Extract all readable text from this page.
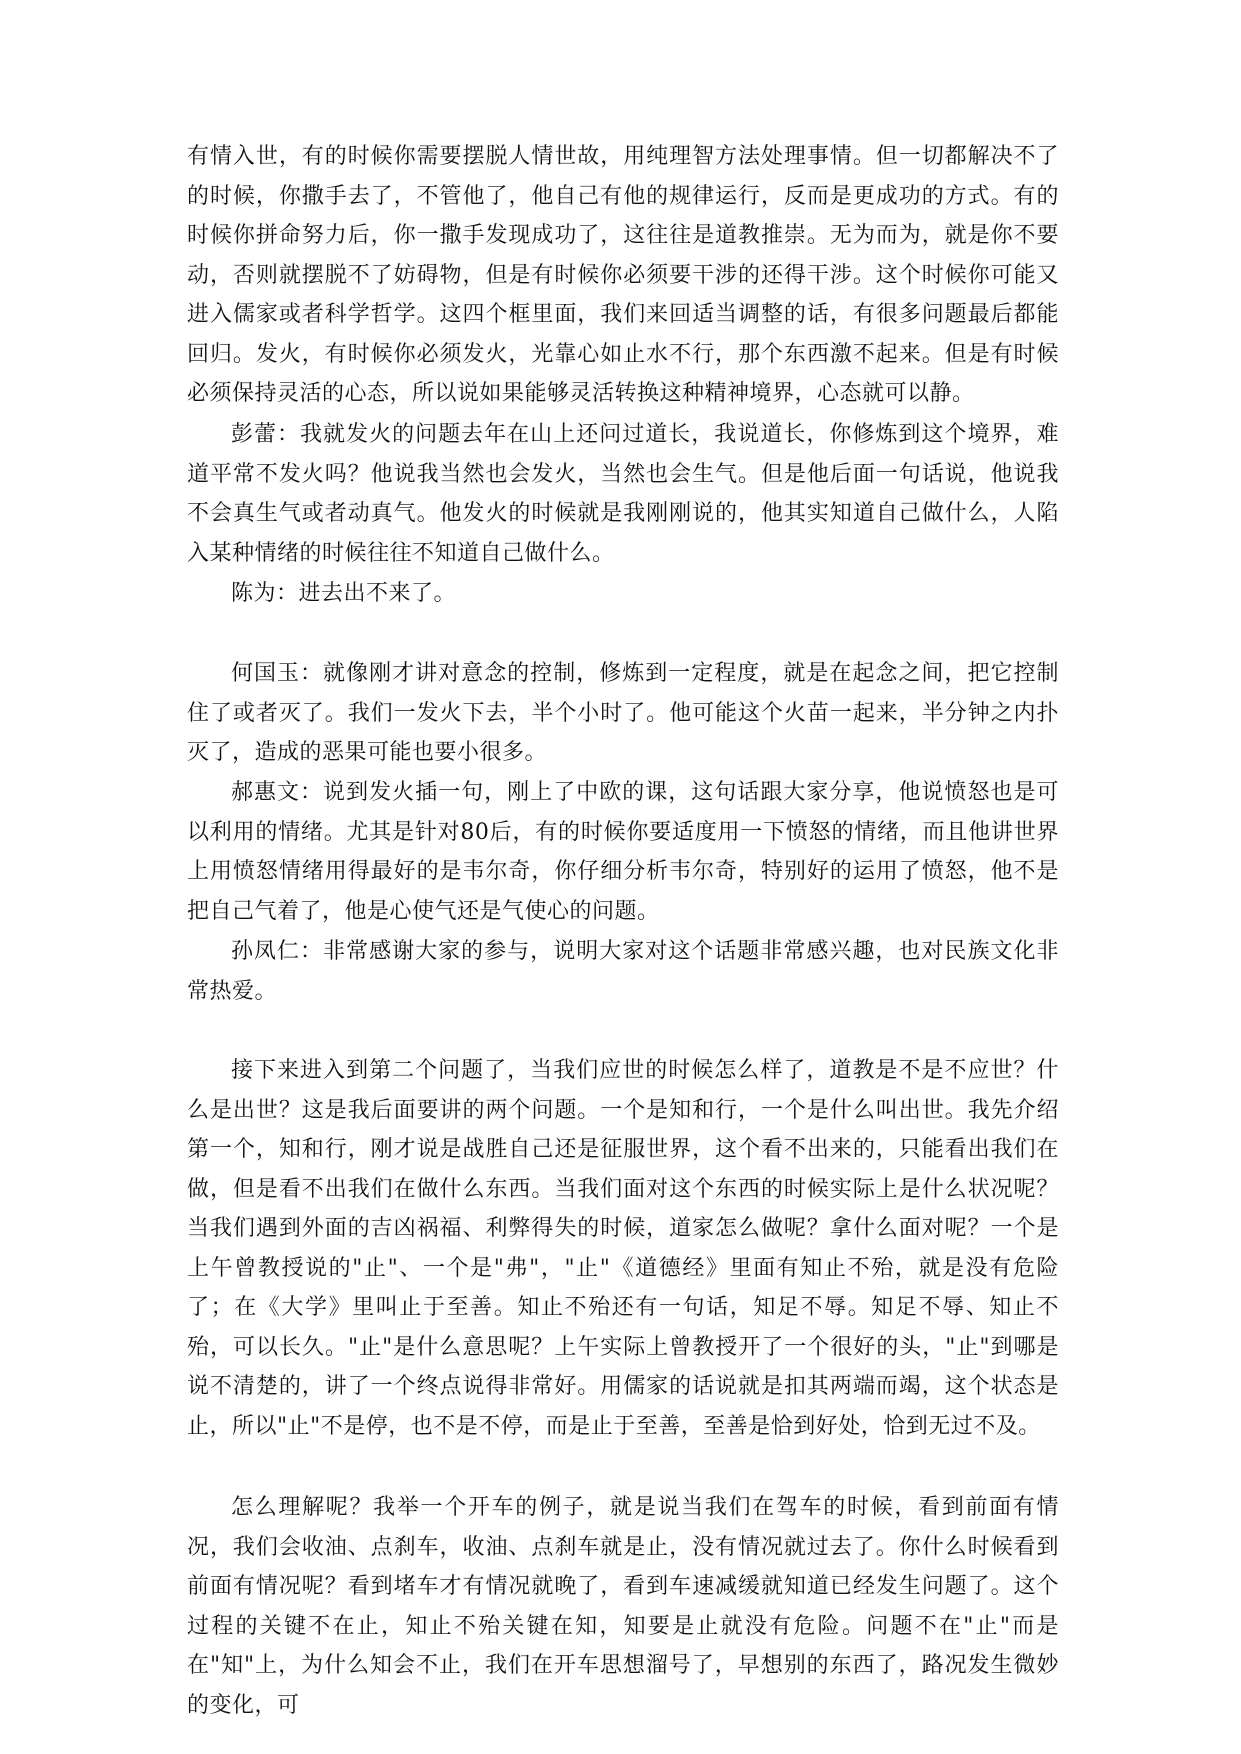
有情入世，有的时候你需要摆脱人情世故，用纯理智方法处理事情。但一切都解决不了的时候，你撒手去了，不管他了，他自己有他的规律运行，反而是更成功的方式。有的时候你拼命努力后，你一撒手发现成功了，这往往是道教推崇。无为而为，就是你不要动，否则就摆脱不了妨碍物，但是有时候你必须要干涉的还得干涉。这个时候你可能又进入儒家或者科学哲学。这四个框里面，我们来回适当调整的话，有很多问题最后都能回归。发火，有时候你必须发火，光靠心如止水不行，那个东西激不起来。但是有时候必须保持灵活的心态，所以说如果能够灵活转换这种精神境界，心态就可以静。

彭蕾：我就发火的问题去年在山上还问过道长，我说道长，你修炼到这个境界，难道平常不发火吗？他说我当然也会发火，当然也会生气。但是他后面一句话说，他说我不会真生气或者动真气。他发火的时候就是我刚刚说的，他其实知道自己做什么，人陷入某种情绪的时候往往不知道自己做什么。

陈为：进去出不来了。

何国玉：就像刚才讲对意念的控制，修炼到一定程度，就是在起念之间，把它控制住了或者灭了。我们一发火下去，半个小时了。他可能这个火苗一起来，半分钟之内扑灭了，造成的恶果可能也要小很多。

郝惠文：说到发火插一句，刚上了中欧的课，这句话跟大家分享，他说愤怒也是可以利用的情绪。尤其是针对80后，有的时候你要适度用一下愤怒的情绪，而且他讲世界上用愤怒情绪用得最好的是韦尔奇，你仔细分析韦尔奇，特别好的运用了愤怒，他不是把自己气着了，他是心使气还是气使心的问题。

孙凤仁：非常感谢大家的参与，说明大家对这个话题非常感兴趣，也对民族文化非常热爱。

接下来进入到第二个问题了，当我们应世的时候怎么样了，道教是不是不应世？什么是出世？这是我后面要讲的两个问题。一个是知和行，一个是什么叫出世。我先介绍第一个，知和行，刚才说是战胜自己还是征服世界，这个看不出来的，只能看出我们在做，但是看不出我们在做什么东西。当我们面对这个东西的时候实际上是什么状况呢？当我们遇到外面的吉凶祸福、利弊得失的时候，道家怎么做呢？拿什么面对呢？一个是上午曾教授说的"止"、一个是"弗"，"止"《道德经》里面有知止不殆，就是没有危险了；在《大学》里叫止于至善。知止不殆还有一句话，知足不辱。知足不辱、知止不殆，可以长久。"止"是什么意思呢？上午实际上曾教授开了一个很好的头，"止"到哪是说不清楚的，讲了一个终点说得非常好。用儒家的话说就是扣其两端而竭，这个状态是止，所以"止"不是停，也不是不停，而是止于至善，至善是恰到好处，恰到无过不及。

怎么理解呢？我举一个开车的例子，就是说当我们在驾车的时候，看到前面有情况，我们会收油、点刹车，收油、点刹车就是止，没有情况就过去了。你什么时候看到前面有情况呢？看到堵车才有情况就晚了，看到车速减缓就知道已经发生问题了。这个过程的关键不在止，知止不殆关键在知，知要是止就没有危险。问题不在"止"而是在"知"上，为什么知会不止，我们在开车思想溜号了，早想别的东西了，路况发生微妙的变化，可
